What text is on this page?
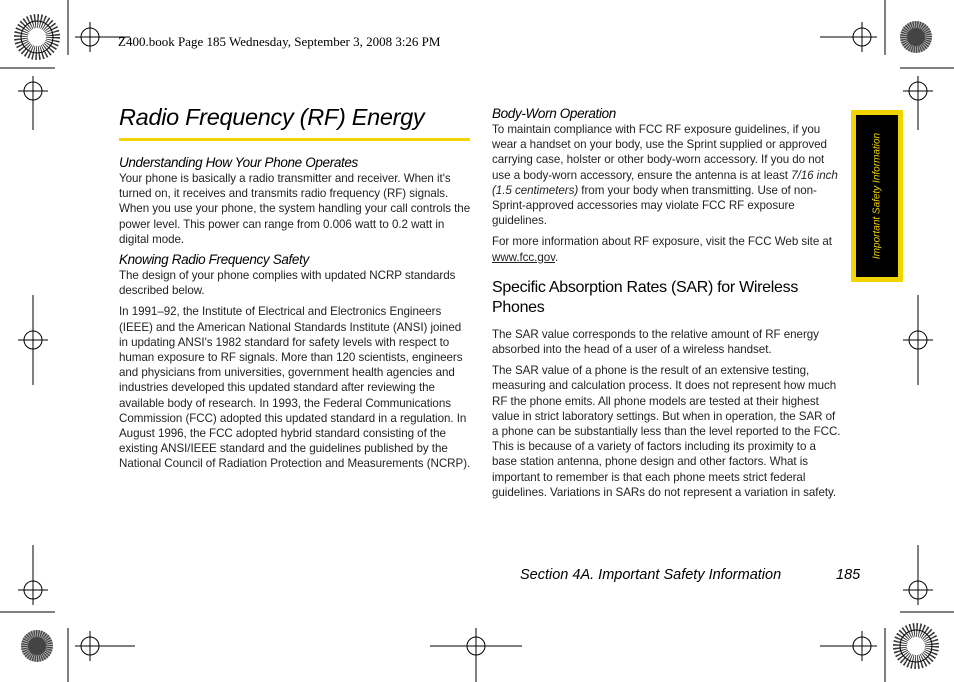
Z400.book Page 185 Wednesday, September 3, 2008 3:26 PM
Radio Frequency (RF) Energy
Understanding How Your Phone Operates

Your phone is basically a radio transmitter and receiver. When it's turned on, it receives and transmits radio frequency (RF) signals. When you use your phone, the system handling your call controls the power level. This power can range from 0.006 watt to 0.2 watt in digital mode.

Knowing Radio Frequency Safety

The design of your phone complies with updated NCRP standards described below.

In 1991–92, the Institute of Electrical and Electronics Engineers (IEEE) and the American National Standards Institute (ANSI) joined in updating ANSI's 1982 standard for safety levels with respect to human exposure to RF signals. More than 120 scientists, engineers and physicians from universities, government health agencies and industries developed this updated standard after reviewing the available body of research. In 1993, the Federal Communications Commission (FCC) adopted this updated standard in a regulation. In August 1996, the FCC adopted hybrid standard consisting of the existing ANSI/IEEE standard and the guidelines published by the National Council of Radiation Protection and Measurements (NCRP).

Body-Worn Operation

To maintain compliance with FCC RF exposure guidelines, if you wear a handset on your body, use the Sprint supplied or approved carrying case, holster or other body-worn accessory. If you do not use a body-worn accessory, ensure the antenna is at least 7/16 inch (1.5 centimeters) from your body when transmitting. Use of non-Sprint-approved accessories may violate FCC RF exposure guidelines.

For more information about RF exposure, visit the FCC Web site at www.fcc.gov.

Specific Absorption Rates (SAR) for Wireless Phones

The SAR value corresponds to the relative amount of RF energy absorbed into the head of a user of a wireless handset.

The SAR value of a phone is the result of an extensive testing, measuring and calculation process. It does not represent how much RF the phone emits. All phone models are tested at their highest value in strict laboratory settings. But when in operation, the SAR of a phone can be substantially less than the level reported to the FCC. This is because of a variety of factors including its proximity to a base station antenna, phone design and other factors. What is important to remember is that each phone meets strict federal guidelines. Variations in SARs do not represent a variation in safety.

Important Safety Information
Section 4A. Important Safety Information	185
